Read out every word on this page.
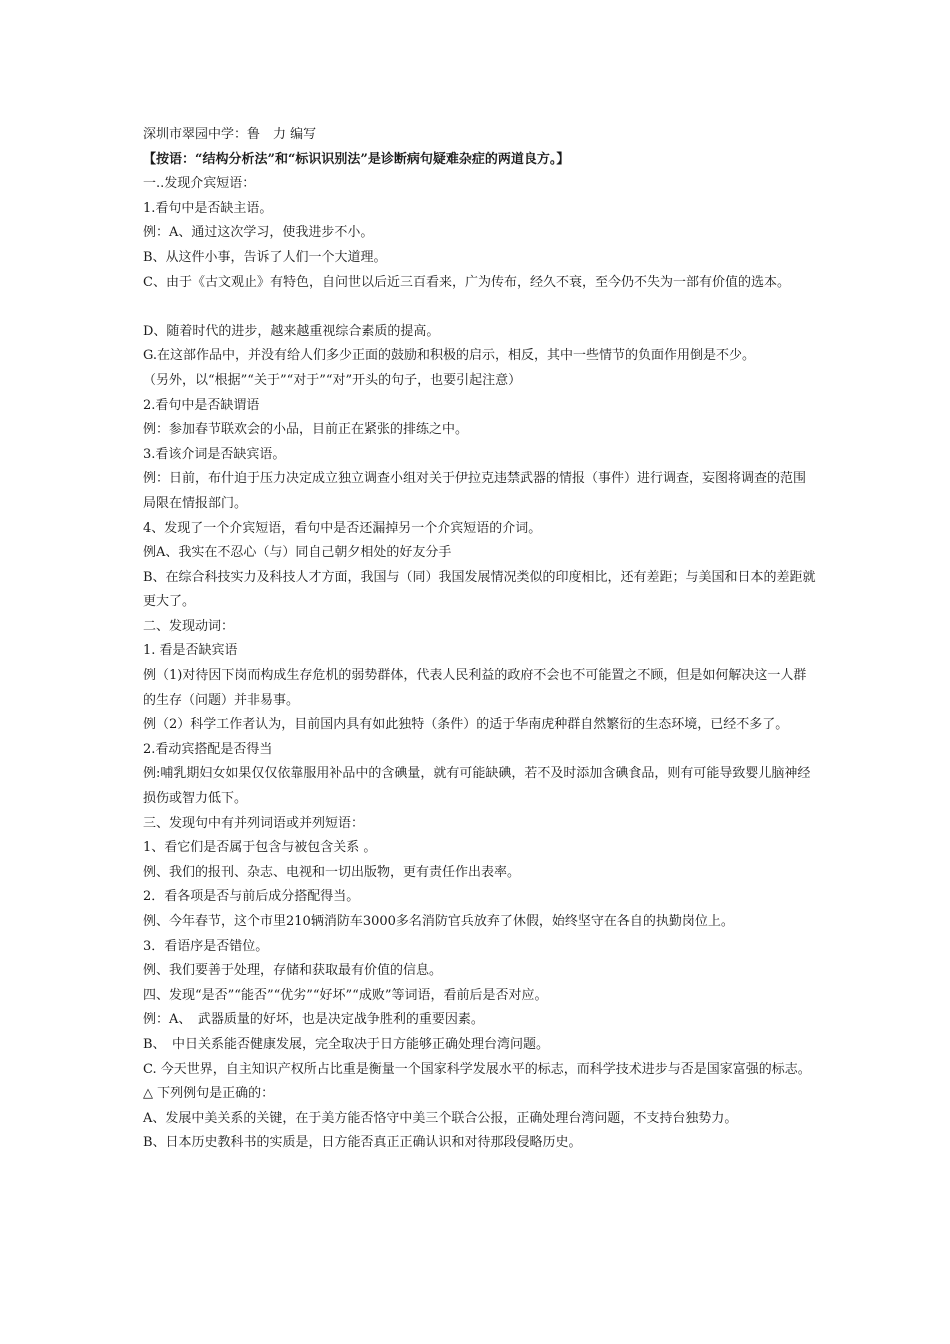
深圳市翠园中学：鲁　力 编写
【按语：“结构分析法”和“标识识别法”是诊断病句疑难杂症的两道良方。】
一..发现介宾短语：
1.看句中是否缺主语。
例：A、通过这次学习，使我进步不小。
B、从这件小事，告诉了人们一个大道理。
C、由于《古文观止》有特色，自问世以后近三百看来，广为传布，经久不衰，至今仍不失为一部有价值的选本。
D、随着时代的进步，越来越重视综合素质的提高。
G.在这部作品中，并没有给人们多少正面的鼓励和积极的启示，相反，其中一些情节的负面作用倒是不少。
（另外，以“根据”“关于”“对于”“对”开头的句子，也要引起注意）
2.看句中是否缺谓语
例：参加春节联欢会的小品，目前正在紧张的排练之中。
3.看该介词是否缺宾语。
例：日前，布什迫于压力决定成立独立调查小组对关于伊拉克违禁武器的情报（事件）进行调查，妄图将调查的范围局限在情报部门。
4、发现了一个介宾短语，看句中是否还漏掉另一个介宾短语的介词。
例A、我实在不忍心（与）同自己朝夕相处的好友分手
B、在综合科技实力及科技人才方面，我国与（同）我国发展情况类似的印度相比，还有差距；与美国和日本的差距就更大了。
二、发现动词：
1. 看是否缺宾语
例（1)对待因下岗而构成生存危机的弱势群体，代表人民利益的政府不会也不可能置之不顾，但是如何解决这一人群的生存（问题）并非易事。
例（2）科学工作者认为，目前国内具有如此独特（条件）的适于华南虎种群自然繁衍的生态环境，已经不多了。
2.看动宾搭配是否得当
例:哺乳期妇女如果仅仅依靠服用补品中的含碘量，就有可能缺碘，若不及时添加含碘食品，则有可能导致婴儿脑神经损伤或智力低下。
三、发现句中有并列词语或并列短语：
1、看它们是否属于包含与被包含关系 。
例、我们的报刊、杂志、电视和一切出版物，更有责任作出表率。
2．看各项是否与前后成分搭配得当。
例、今年春节，这个市里210辆消防车3000多名消防官兵放弃了休假，始终坚守在各自的执勤岗位上。
3．看语序是否错位。
例、我们要善于处理，存储和获取最有价值的信息。
四、发现“是否”“能否”“优劣”“好坏”“成败”等词语，看前后是否对应。
例：A、　武器质量的好坏，也是决定战争胜利的重要因素。
B、　中日关系能否健康发展，完全取决于日方能够正确处理台湾问题。
C. 今天世界，自主知识产权所占比重是衡量一个国家科学发展水平的标志，而科学技术进步与否是国家富强的标志。
△ 下列例句是正确的：
A、发展中美关系的关键，在于美方能否恪守中美三个联合公报，正确处理台湾问题，不支持台独势力。
B、日本历史教科书的实质是，日方能否真正正确认识和对待那段侵略历史。
